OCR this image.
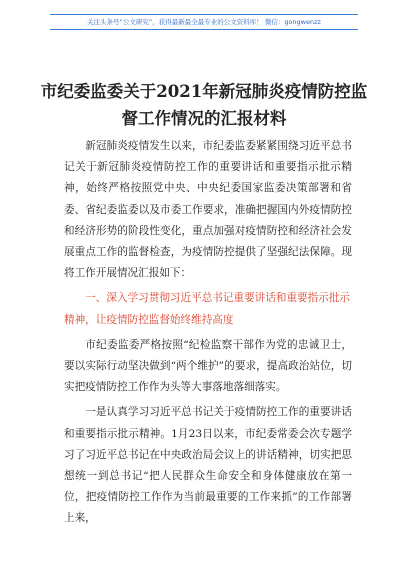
关注头条号“公文研究”，获得最新最全最专业的公文资料库！ 微信：gongwenzz
市纪委监委关于2021年新冠肺炎疫情防控监督工作情况的汇报材料

新冠肺炎疫情发生以来，市纪委监委紧紧围绕习近平总书记关于新冠肺炎疫情防控工作的重要讲话和重要指示批示精神，始终严格按照党中央、中央纪委国家监委决策部署和省委、省纪委监委以及市委工作要求，准确把握国内外疫情防控和经济形势的阶段性变化，重点加强对疫情防控和经济社会发展重点工作的监督检查，为疫情防控提供了坚强纪法保障。现将工作开展情况汇报如下：

一、深入学习贯彻习近平总书记重要讲话和重要指示批示精神，让疫情防控监督始终维持高度

市纪委监委严格按照“纪检监察干部作为党的忠诚卫士，要以实际行动坚决做到“两个维护”的要求，提高政治站位，切实把疫情防控工作作为头等大事落地落细落实。

一是认真学习习近平总书记关于疫情防控工作的重要讲话和重要指示批示精神。1月23日以来，市纪委常委会次专题学习了习近平总书记在中央政治局会议上的讲话精神，切实把思想统一到总书记“把人民群众生命安全和身体健康放在第一位，把疫情防控工作作为当前最重要的工作来抓”的工作部署上来，
